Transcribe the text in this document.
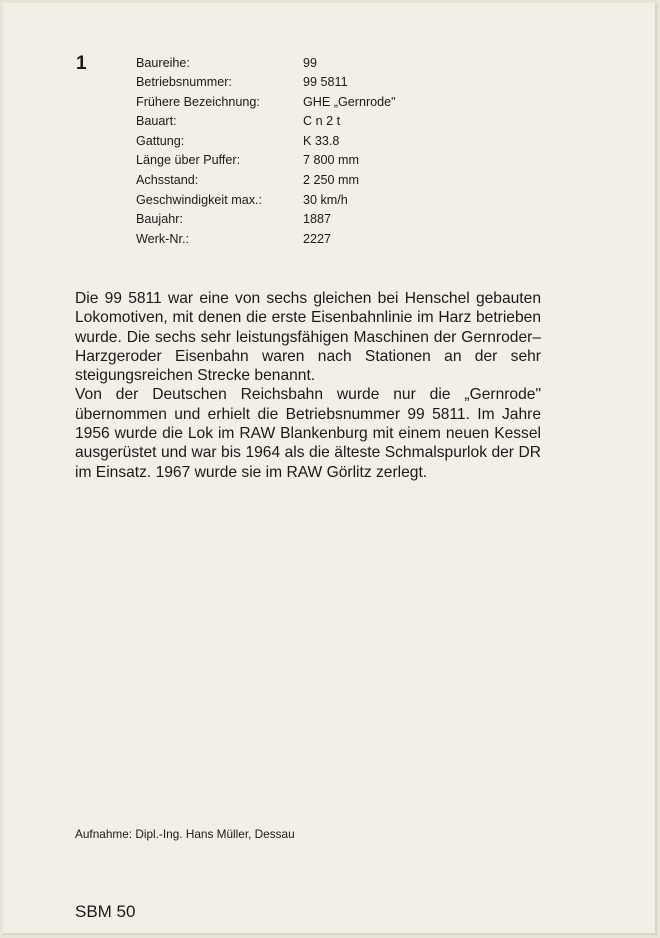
1	Baureihe:	99
Betriebsnummer:	99 5811
Frühere Bezeichnung:	GHE „Gernrode"
Bauart:	C n 2 t
Gattung:	K 33.8
Länge über Puffer:	7 800 mm
Achsstand:	2 250 mm
Geschwindigkeit max.:	30 km/h
Baujahr:	1887
Werk-Nr.:	2227

Die 99 5811 war eine von sechs gleichen bei Henschel gebauten Lokomotiven, mit denen die erste Eisenbahnlinie im Harz betrieben wurde. Die sechs sehr leistungsfähigen Maschinen der Gernroder–Harzgeroder Eisenbahn waren nach Stationen an der sehr steigungsreichen Strecke benannt.

Von der Deutschen Reichsbahn wurde nur die „Gernrode" übernommen und erhielt die Betriebsnummer 99 5811. Im Jahre 1956 wurde die Lok im RAW Blankenburg mit einem neuen Kessel ausgerüstet und war bis 1964 als die älteste Schmalspurlok der DR im Einsatz. 1967 wurde sie im RAW Görlitz zerlegt.

Aufnahme: Dipl.-Ing. Hans Müller, Dessau
SBM 50
